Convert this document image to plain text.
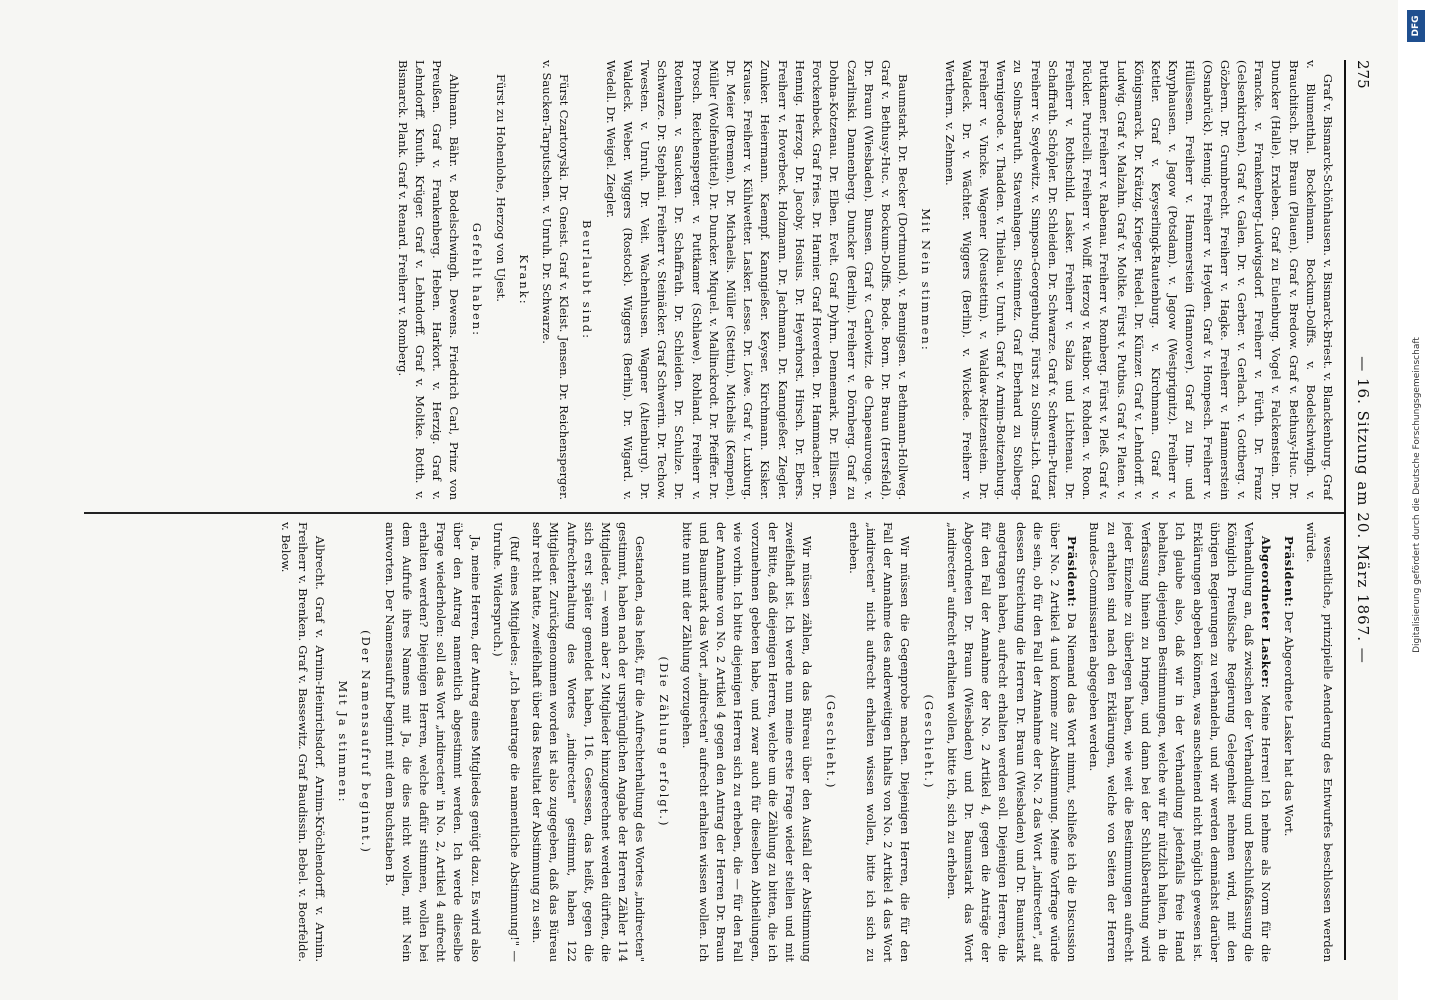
275
— 16. Sitzung am 20. März 1867. —

Graf v. Bismarck-Schönhausen. v. Bismarck-Briest. v. Blanckenburg. Graf v. Blumenthal. Bockelmann. Bockum-Dolffs. v. Bodelschwingh. v. Brauchitsch. Dr. Braun (Plauen). Graf v. Bredow. Graf v. Bethusy-Huc. Dr. Duncker (Halle). Erxleben. Graf zu Eulenburg. Vogel v. Falckenstein. Dr. Francke. v. Frankenberg-Ludwigsdorf. Freiherr v. Fürth. Dr. Franz (Gelsenkirchen). Graf v. Galen. Dr. v. Gerber. v. Gerlach. v. Gottberg. v. Gözbern. Dr. Grumbrecht. Freiherr v. Hagke. Freiherr v. Hammerstein (Osnabrück). Hennig. Freiherr v. Heyden. Graf v. Hompesch. Freiherr v. Hüllessem. Freiherr v. Hammerstein (Hannover). Graf zu Inn- und Knyphausen. v. Jagow (Potsdam). v. Jagow (Westprignitz). Freiherr v. Kettler. Graf v. Keyserlingk-Rautenburg. v. Kirchmann. Graf v. Königsmarck. Dr. Krätzig. Krieger. Riedel. Dr. Künzer. Graf v. Lehndorff. v. Ludwig. Graf v. Malzahn. Graf v. Moltke. Fürst v. Putbus. Graf v. Platen. v. Puttkamer. Freiherr v. Rabenau. Freiherr v. Romberg. Fürst v. Pleß. Graf v. Pückler. Puricelli. Freiherr v. Wolff. Herzog v. Ratibor. v. Rohden. v. Roon. Freiherr v. Rothschild. Lasker. Freiherr v. Salza und Lichtenau. Dr. Schaffrath. Schöpler. Dr. Schleiden. Dr. Schwarze. Graf v. Schwerin-Putzar. Freiherr v. Seydewitz. v. Simpson-Georgenburg. Fürst zu Solms-Lich. Graf zu Solms-Baruth. Stavenhagen. Steinmetz. Graf Eberhard zu Stolberg-Wernigerode. v. Thadden. v. Thielau. v. Unruh. Graf v. Arnim-Boitzenburg. Freiherr v. Vincke. Wagener (Neustettin). v. Waldaw-Reitzenstein. Dr. Waldeck. Dr. v. Wächter. Wiggers (Berlin). v. Wickede. Freiherr v. Werthern. v. Zehmen.

Mit Nein stimmen:

Baumstark. Dr. Becker (Dortmund). v. Bennigsen. v. Bethmann-Hollweg. Graf v. Bethusy-Huc. v. Bockum-Dolffs. Bode. Born. Dr. Braun (Hersfeld). Dr. Braun (Wiesbaden). Bunsen. Graf v. Carlowitz. de Chapeaurouge. v. Czarlinski. Dannenberg. Duncker (Berlin). Freiherr v. Dörnberg. Graf zu Dohna-Kotzenau. Dr. Elben. Evelt. Graf Dyhrn. Dennemark. Dr. Ellissen. Forckenbeck. Graf Fries. Dr. Harnier. Graf Hoverden. Dr. Hammacher. Dr. Hennig. Herzog. Dr. Jacoby. Hosius. Dr. Heyerhorst. Hirsch. Dr. Ebers. Freiherr v. Hoverbeck. Holzmann. Dr. Jachmann. Dr. Kanngießer. Ziegler. Zunker. Heiermann. Kaempf. Kanngießer. Keyser. Kirchmann. Kisker. Krause. Freiherr v. Kühlwetter. Lasker. Lesse. Dr. Löwe. Graf v. Luxburg. Dr. Meier (Bremen). Dr. Michaelis. Müller (Stettin). Michelis (Kempen). Müller (Wolfenbüttel). Dr. Duncker. Miquel. v. Mallinckrodt. Dr. Pfeiffer. Dr. Prosch. Reichensperger. v. Puttkamer (Schlawe). Rohland. Freiherr v. Rotenhan. v. Saucken. Dr. Schaffrath. Dr. Schleiden. Dr. Schulze. Dr. Schwarze. Dr. Stephani. Freiherr v. Steinäcker. Graf Schwerin. Dr. Techow. Twesten. v. Unruh. Dr. Veit. Wachenhusen. Wagner (Altenburg). Dr. Waldeck. Weber. Wiggers (Rostock). Wiggers (Berlin). Dr. Wigard. v. Wedell. Dr. Weigel. Ziegler.

Beurlaubt sind:

Fürst Czartoryski. Dr. Gneist. Graf v. Kleist. Jensen. Dr. Reichensperger. v. Saucken-Tarputschen. v. Unruh. Dr. Schwarze.

Krank:

Fürst zu Hohenlohe, Herzog von Ujest.

Gefehlt haben:

Ahlmann. Bähr. v. Bodelschwingh. Dewens. Friedrich Carl, Prinz von Preußen. Graf v. Frankenberg. Heben. Harkort. v. Herzig. Graf v. Lehndorff. Knuth. Krüger. Graf v. Lehndorff. Graf v. Moltke. Rotth. v. Bismarck. Plank. Graf v. Renard. Freiherr v. Romberg.

wesentliche, prinzipielle Aenderung des Entwurfes beschlossen werden würde.

Präsident: Der Abgeordnete Lasker hat das Wort.

Abgeordneter Lasker: Meine Herren! Ich nehme als Norm für die Verhandlung an, daß zwischen der Verhandlung und Beschlußfassung die Königlich Preußische Regierung Gelegenheit nehmen wird, mit den übrigen Regierungen zu verhandeln, und wir werden demnächst darüber Erklärungen abgeben können, was anscheinend nicht möglich gewesen ist. Ich glaube also, daß wir in der Verhandlung jedenfalls freie Hand behalten, diejenigen Bestimmungen, welche wir für nützlich halten, in die Verfassung hinein zu bringen, und dann bei der Schlußberathung wird jeder Einzelne zu überlegen haben, wie weit die Bestimmungen aufrecht zu erhalten sind nach den Erklärungen, welche von Seiten der Herren Bundes-Commissarien abgegeben werden.

Präsident: Da Niemand das Wort nimmt, schließe ich die Discussion über No. 2 Artikel 4 und komme zur Abstimmung. Meine Vorfrage würde die sein, ob für den Fall der Annahme der No. 2 das Wort „indirecten", auf dessen Streichung die Herren Dr. Braun (Wiesbaden) und Dr. Baumstark angetragen haben, aufrecht erhalten werden soll. Diejenigen Herren, die für den Fall der Annahme der No. 2 Artikel 4, gegen die Anträge der Abgeordneten Dr. Braun (Wiesbaden) und Dr. Baumstark das Wort „indirecten" aufrecht erhalten wollen, bitte ich, sich zu erheben.

(Geschieht.)

Wir müssen die Gegenprobe machen. Diejenigen Herren, die für den Fall der Annahme des anderweitigen Inhalts von No. 2 Artikel 4 das Wort „indirecten" nicht aufrecht erhalten wissen wollen, bitte ich sich zu erheben.

(Geschieht.)

Wir müssen zählen, da das Büreau über den Ausfall der Abstimmung zweifelhaft ist. Ich werde nun meine erste Frage wieder stellen und mit der Bitte, daß diejenigen Herren, welche um die Zählung zu bitten, die ich vorzunehmen gebeten habe, und zwar auch für dieselben Abtheilungen, wie vorhin. Ich bitte diejenigen Herren sich zu erheben, die — für den Fall der Annahme von No. 2 Artikel 4 gegen den Antrag der Herren Dr. Braun und Baumstark das Wort „indirecten" aufrecht erhalten wissen wollen. Ich bitte nun mit der Zählung vorzugehen.

(Die Zählung erfolgt.)

Gestanden, das heißt, für die Aufrechterhaltung des Wortes „indirecten" gestimmt, haben nach der ursprünglichen Angabe der Herren Zähler 114 Mitglieder, — wenn aber 2 Mitglieder hinzugerechnet werden dürften, die sich erst später gemeldet haben, 116. Gesessen, das heißt, gegen die Aufrechterhaltung des Wortes „indirecten" gestimmt, haben 122 Mitglieder. Zurückgenommen worden ist also zugegeben, daß das Büreau sehr recht hatte, zweifelhaft über das Resultat der Abstimmung zu sein.

(Ruf eines Mitgliedes: „Ich beantrage die namentliche Abstimmung!" — Unruhe. Widerspruch.)

Ja, meine Herren, der Antrag eines Mitgliedes genügt dazu. Es wird also über den Antrag namentlich abgestimmt werden. Ich werde dieselbe Frage wiederholen: soll das Wort „indirecten" in No. 2, Artikel 4 aufrecht erhalten werden? Diejenigen Herren, welche dafür stimmen, wollen bei dem Aufrufe ihres Namens mit Ja, die dies nicht wollen, mit Nein antworten. Der Namensaufruf beginnt mit dem Buchstaben B.

(Der Namensaufruf beginnt.)

Mit Ja stimmen:

Albrecht. Graf v. Arnim-Heinrichsdorf. Arnim-Kröchlendorff. v. Arnim. Freiherr v. Brenken. Graf v. Bassewitz. Graf Baudissin. Bebel. v. Boerfelde. v. Below.

DFG
Digitalisierung gefördert durch die Deutsche Forschungsgemeinschaft
